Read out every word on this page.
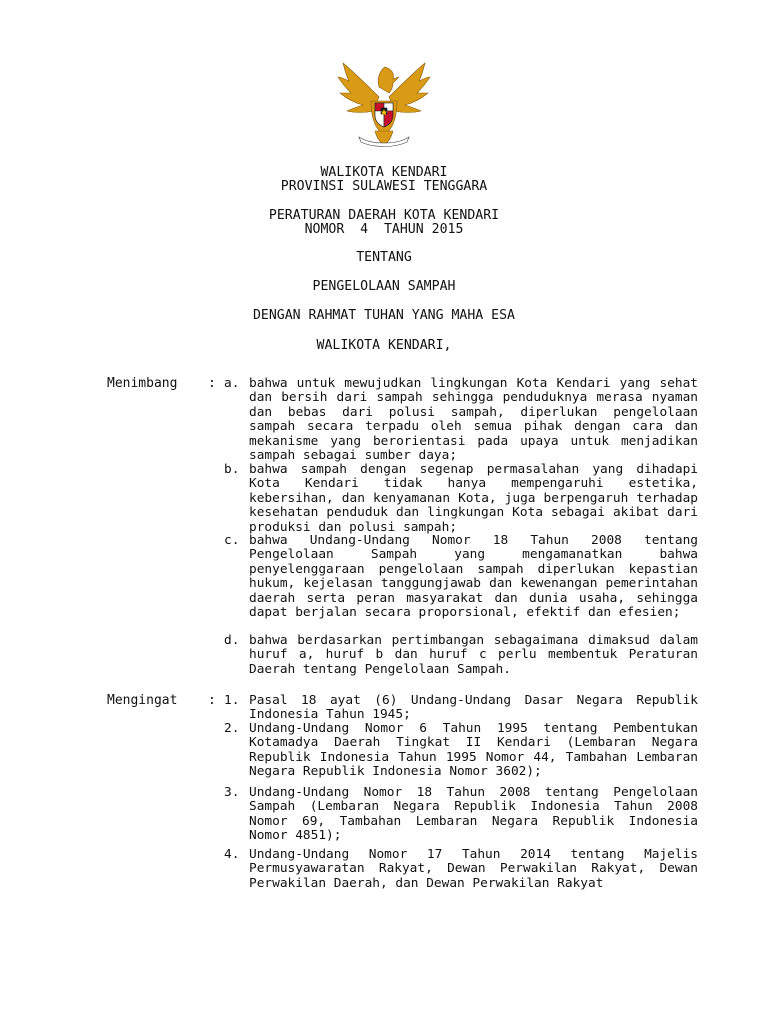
WALIKOTA KENDARI
PROVINSI SULAWESI TENGGARA
PERATURAN DAERAH KOTA KENDARI
NOMOR  4  TAHUN 2015
TENTANG
PENGELOLAAN SAMPAH
DENGAN RAHMAT TUHAN YANG MAHA ESA
WALIKOTA KENDARI,
Menimbang : a. bahwa untuk mewujudkan lingkungan Kota Kendari yang sehat dan bersih dari sampah sehingga penduduknya merasa nyaman dan bebas dari polusi sampah, diperlukan pengelolaan sampah secara terpadu oleh semua pihak dengan cara dan mekanisme yang berorientasi pada upaya untuk menjadikan sampah sebagai sumber daya;
b. bahwa sampah dengan segenap permasalahan yang dihadapi Kota Kendari tidak hanya mempengaruhi estetika, kebersihan, dan kenyamanan Kota, juga berpengaruh terhadap kesehatan penduduk dan lingkungan Kota sebagai akibat dari produksi dan polusi sampah;
c. bahwa Undang-Undang Nomor 18 Tahun 2008 tentang Pengelolaan Sampah yang mengamanatkan bahwa penyelenggaraan pengelolaan sampah diperlukan kepastian hukum, kejelasan tanggungjawab dan kewenangan pemerintahan daerah serta peran masyarakat dan dunia usaha, sehingga dapat berjalan secara proporsional, efektif dan efesien;
d. bahwa berdasarkan pertimbangan sebagaimana dimaksud dalam huruf a, huruf b dan huruf c perlu membentuk Peraturan Daerah tentang Pengelolaan Sampah.
Mengingat : 1. Pasal 18 ayat (6) Undang-Undang Dasar Negara Republik Indonesia Tahun 1945;
2. Undang-Undang Nomor 6 Tahun 1995 tentang Pembentukan Kotamadya Daerah Tingkat II Kendari (Lembaran Negara Republik Indonesia Tahun 1995 Nomor 44, Tambahan Lembaran Negara Republik Indonesia Nomor 3602);
3. Undang-Undang Nomor 18 Tahun 2008 tentang Pengelolaan Sampah (Lembaran Negara Republik Indonesia Tahun 2008 Nomor 69, Tambahan Lembaran Negara Republik Indonesia Nomor 4851);
4. Undang-Undang Nomor 17 Tahun 2014 tentang Majelis Permusyawaratan Rakyat, Dewan Perwakilan Rakyat, Dewan Perwakilan Daerah, dan Dewan Perwakilan Rakyat
